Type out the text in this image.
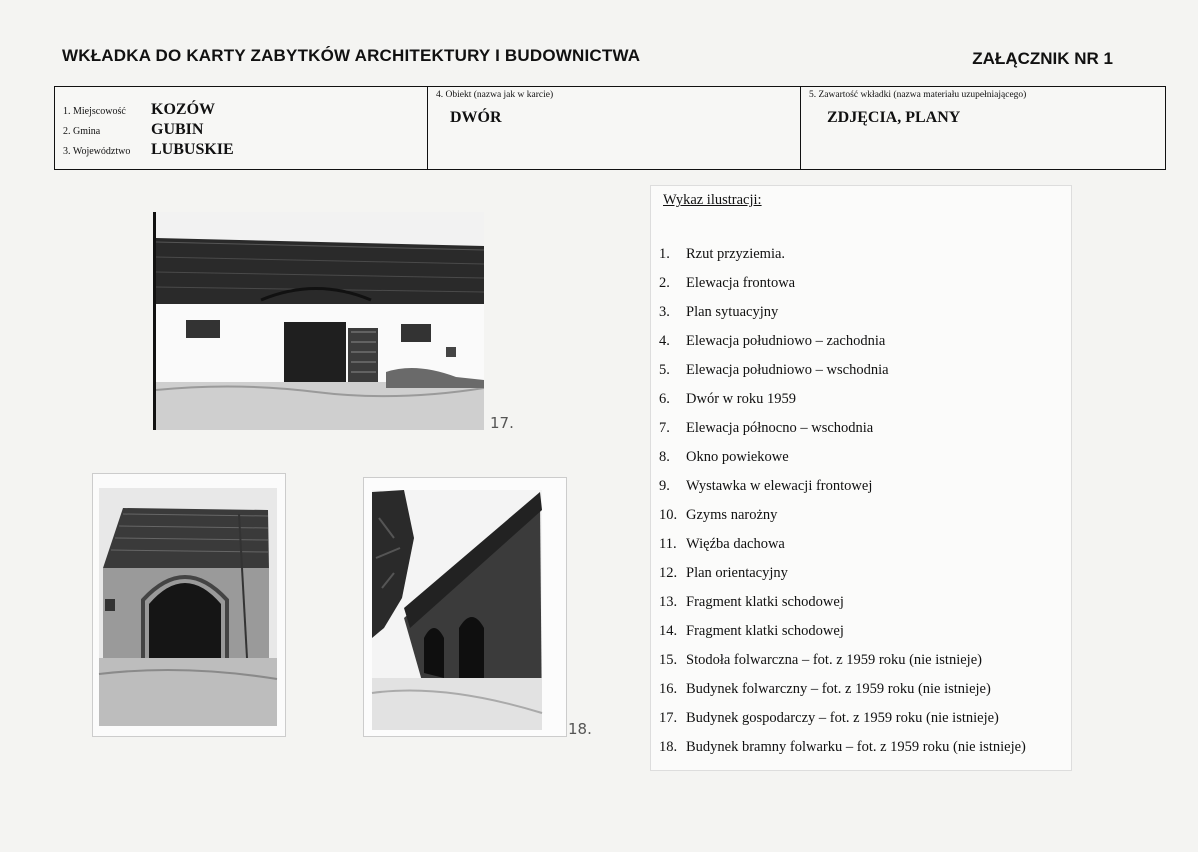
WKŁADKA DO KARTY ZABYTKÓW ARCHITEKTURY I BUDOWNICTWA	ZAŁĄCZNIK NR 1
1. Miejscowość	KOZÓW
2. Gmina	GUBIN
3. Województwo	LUBUSKIE
4. Obiekt (nazwa jak w karcie)
DWÓR
5. Zawartość wkładki (nazwa materiału uzupełniającego)
ZDJĘCIA, PLANY
17.
18.
Wykaz ilustracji:
1.	Rzut przyziemia.
2.	Elewacja frontowa
3.	Plan sytuacyjny
4.	Elewacja południowo – zachodnia
5.	Elewacja południowo – wschodnia
6.	Dwór w roku 1959
7.	Elewacja północno – wschodnia
8.	Okno powiekowe
9.	Wystawka w elewacji frontowej
10. Gzyms narożny
11. Więźba dachowa
12. Plan orientacyjny
13. Fragment klatki schodowej
14. Fragment klatki schodowej
15. Stodoła folwarczna – fot. z 1959 roku (nie istnieje)
16. Budynek folwarczny – fot. z 1959 roku (nie istnieje)
17. Budynek gospodarczy – fot. z 1959 roku (nie istnieje)
18. Budynek bramny folwarku – fot. z 1959 roku (nie istnieje)
